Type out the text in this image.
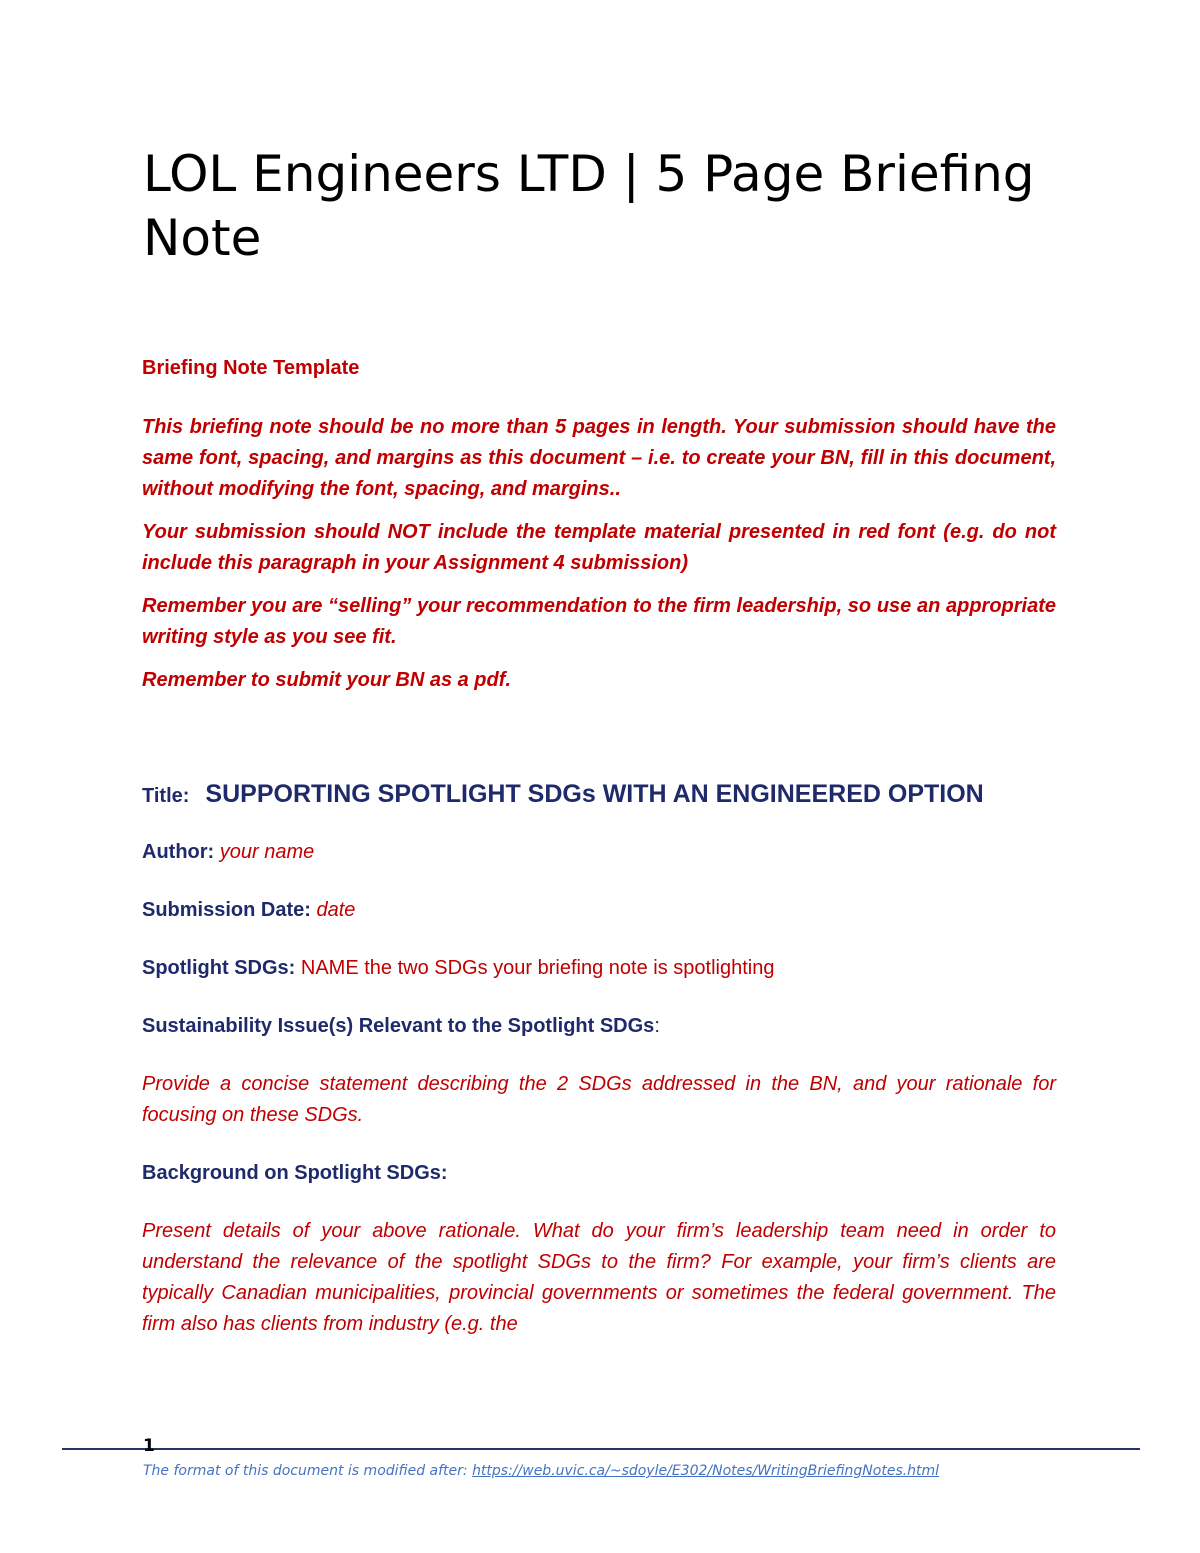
LOL Engineers LTD | 5 Page Briefing Note

Briefing Note Template

This briefing note should be no more than 5 pages in length. Your submission should have the same font, spacing, and margins as this document – i.e. to create your BN, fill in this document, without modifying the font, spacing, and margins..

Your submission should NOT include the template material presented in red font (e.g. do not include this paragraph in your Assignment 4 submission)

Remember you are “selling” your recommendation to the firm leadership, so use an appropriate writing style as you see fit.

Remember to submit your BN as a pdf.

Title: SUPPORTING SPOTLIGHT SDGs WITH AN ENGINEERED OPTION

Author: your name

Submission Date: date

Spotlight SDGs: NAME the two SDGs your briefing note is spotlighting

Sustainability Issue(s) Relevant to the Spotlight SDGs:

Provide a concise statement describing the 2 SDGs addressed in the BN, and your rationale for focusing on these SDGs.

Background on Spotlight SDGs:

Present details of your above rationale. What do your firm’s leadership team need in order to understand the relevance of the spotlight SDGs to the firm? For example, your firm’s clients are typically Canadian municipalities, provincial governments or sometimes the federal government. The firm also has clients from industry (e.g. the

1
The format of this document is modified after: https://web.uvic.ca/~sdoyle/E302/Notes/WritingBriefingNotes.html
